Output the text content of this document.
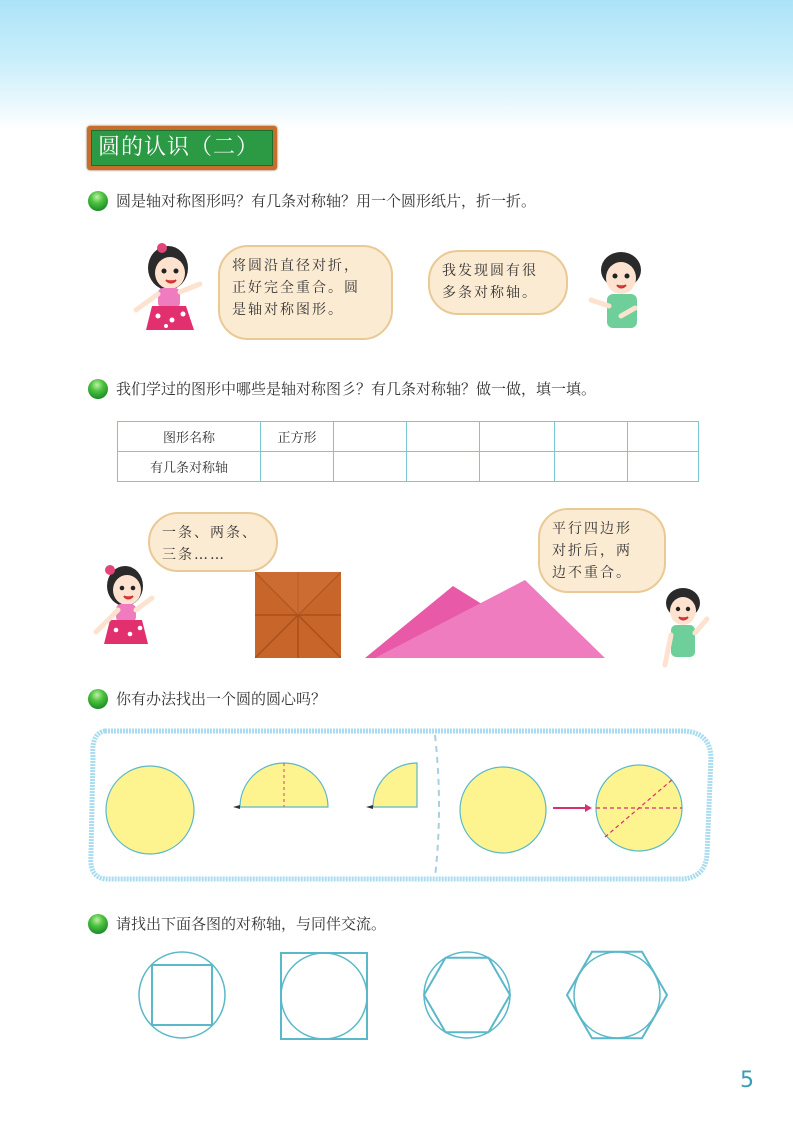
圆的认识（二）
圆是轴对称图形吗？有几条对称轴？用一个圆形纸片，折一折。
将圆沿直径对折，
正好完全重合。圆
是轴对称图形。
我发现圆有很
多条对称轴。
我们学过的图形中哪些是轴对称图彡？有几条对称轴？做一做，填一填。
图形名称	正方形					
有几条对称轴						
一条、两条、
三条……
平行四边形
对折后，两
边不重合。
你有办法找出一个圆的圆心吗？
请找出下面各图的对称轴，与同伴交流。
5
